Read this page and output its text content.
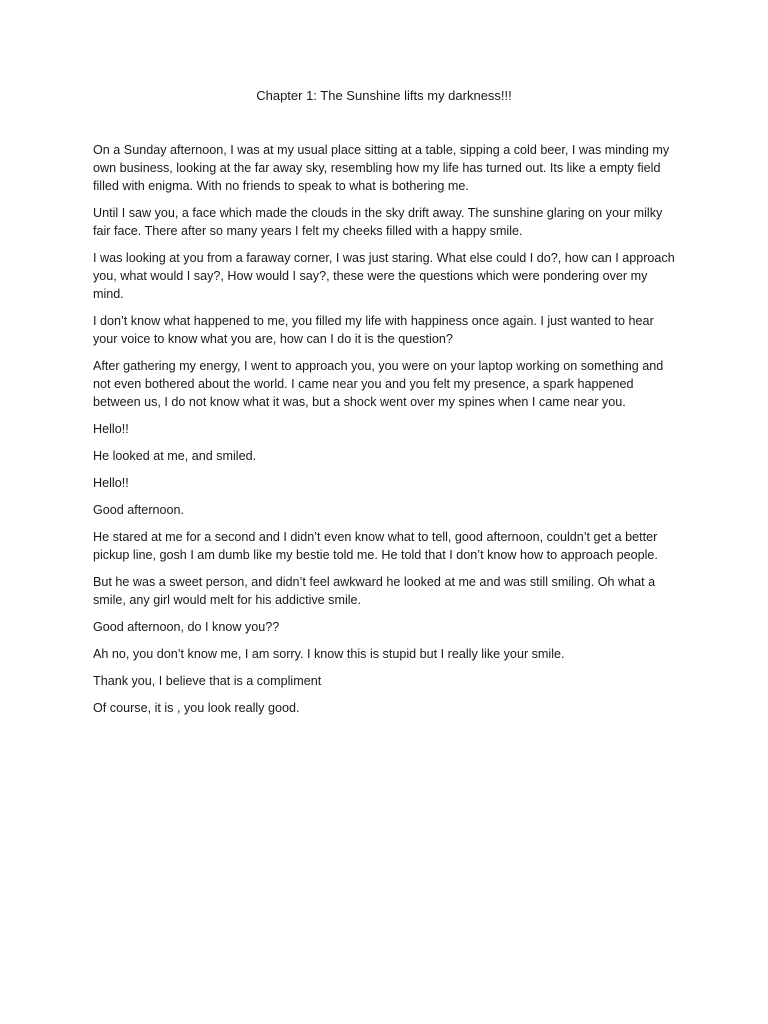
Chapter 1: The Sunshine lifts my darkness!!!

On a Sunday afternoon, I was at my usual place sitting at a table, sipping a cold beer, I was minding my own business, looking at the far away sky, resembling how my life has turned out. Its like a empty field filled with enigma. With no friends to speak to what is bothering me.

Until I saw you, a face which made the clouds in the sky drift away. The sunshine glaring on your milky fair face. There after so many years I felt my cheeks filled with a happy smile.

I was looking at you from a faraway corner, I was just staring. What else could I do?, how can I approach you, what would I say?, How would I say?, these were the questions which were pondering over my mind.

I don’t know what happened to me, you filled my life with happiness once again. I just wanted to hear your voice to know what you are, how can I do it is the question?

After gathering my energy, I went to approach you, you were on your laptop working on something and not even bothered about the world. I came near you and you felt my presence, a spark happened between us, I do not know what it was, but a shock went over my spines when I came near you.

Hello!!

He looked at me, and smiled.

Hello!!

Good afternoon.

He stared at me for a second and I didn’t even know what to tell, good afternoon, couldn’t get a better pickup line, gosh I am dumb like my bestie told me. He told that I don’t know how to approach people.

But he was a sweet person, and didn’t feel awkward he looked at me and was still smiling. Oh what a smile, any girl would melt for his addictive smile.

Good afternoon, do I know you??

Ah no, you don’t know me, I am sorry. I know this is stupid but I really like your smile.

Thank you, I believe that is a compliment

Of course, it is , you look really good.
